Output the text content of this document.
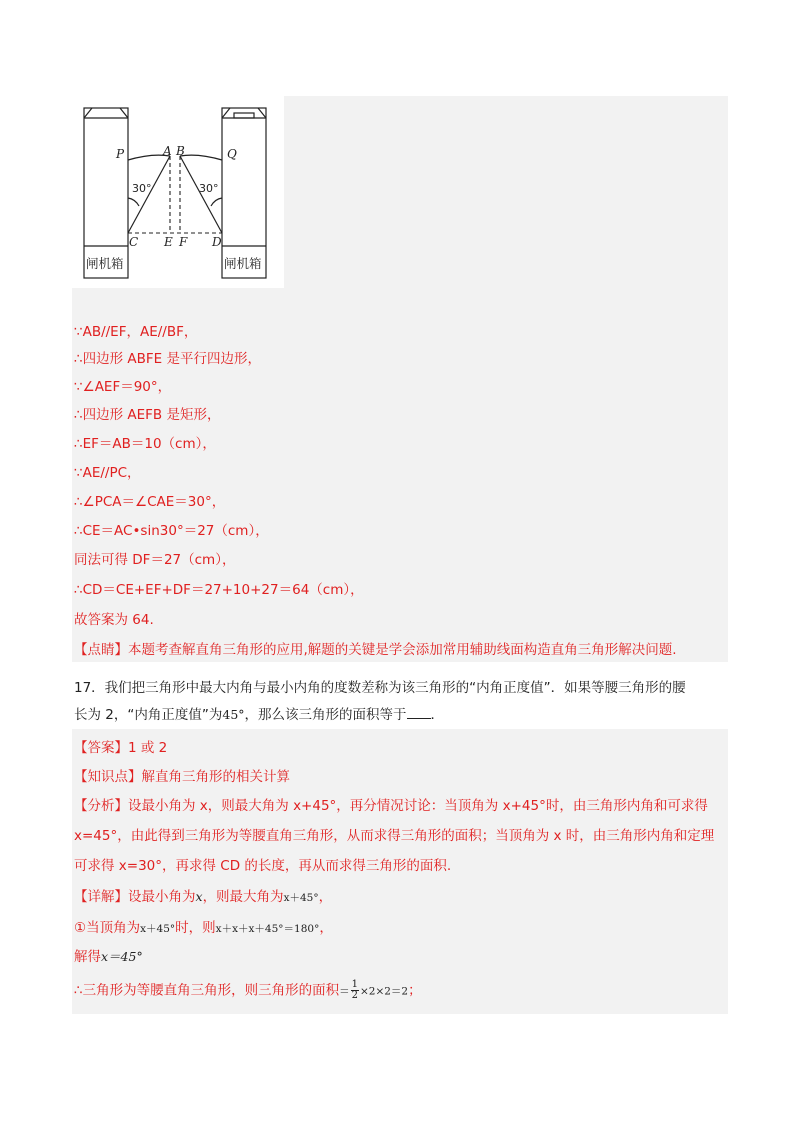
P	A B	Q
C E F D
30°	30°
闸机箱	闸机箱
∵AB//EF，AE//BF，
∴四边形 ABFE 是平行四边形，
∵∠AEF＝90°，
∴四边形 AEFB 是矩形，
∴EF＝AB＝10（cm），
∵AE//PC，
∴∠PCA＝∠CAE＝30°，
∴CE＝AC•sin30°＝27（cm），
同法可得 DF＝27（cm），
∴CD＝CE+EF+DF＝27+10+27＝64（cm），
故答案为 64.
【点睛】本题考查解直角三角形的应用,解题的关键是学会添加常用辅助线面构造直角三角形解决问题.
17．我们把三角形中最大内角与最小内角的度数差称为该三角形的“内角正度值”．如果等腰三角形的腰
长为 2，“内角正度值”为45°，那么该三角形的面积等于 ．
【答案】1 或 2
【知识点】解直角三角形的相关计算
【分析】设最小角为 x，则最大角为 x+45°，再分情况讨论：当顶角为 x+45°时，由三角形内角和可求得
x=45°，由此得到三角形为等腰直角三角形，从而求得三角形的面积；当顶角为 x 时，由三角形内角和定理
可求得 x=30°，再求得 CD 的长度，再从而求得三角形的面积.
【详解】设最小角为x，则最大角为x＋45°，
①当顶角为x＋45°时，则x＋x＋x＋45°＝180°，
解得x＝45°
∴三角形为等腰直角三角形，则三角形的面积＝ $\frac{1}{2} \times 2\times 2=2$；
